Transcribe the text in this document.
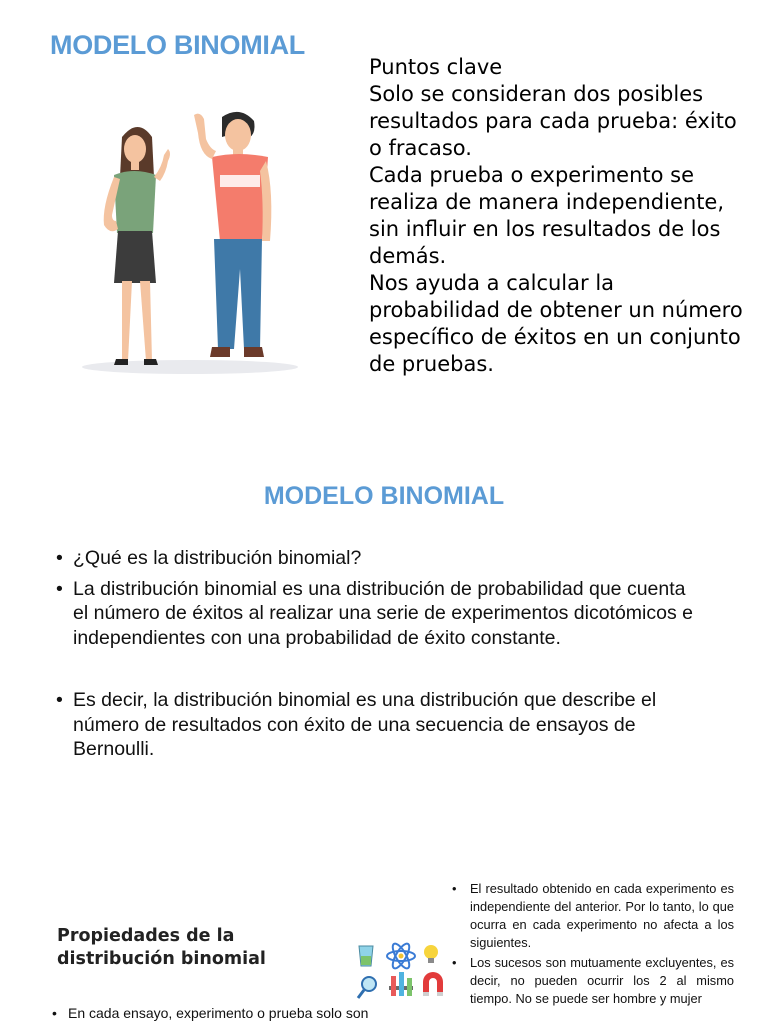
MODELO BINOMIAL
Puntos clave
Solo se consideran dos posibles resultados para cada prueba: éxito o fracaso.
Cada prueba o experimento se realiza de manera independiente, sin influir en los resultados de los demás.
Nos ayuda a calcular la probabilidad de obtener un número específico de éxitos en un conjunto de pruebas.
MODELO BINOMIAL
• ¿Qué es la distribución binomial?
• La distribución binomial es una distribución de probabilidad que cuenta el número de éxitos al realizar una serie de experimentos dicotómicos e independientes con una probabilidad de éxito constante.
• Es decir, la distribución binomial es una distribución que describe el número de resultados con éxito de una secuencia de ensayos de Bernoulli.
Propiedades de la distribución binomial
• En cada ensayo, experimento o prueba solo son
• El resultado obtenido en cada experimento es independiente del anterior. Por lo tanto, lo que ocurra en cada experimento no afecta a los siguientes.
• Los sucesos son mutuamente excluyentes, es decir, no pueden ocurrir los 2 al mismo tiempo. No se puede ser hombre y mujer
